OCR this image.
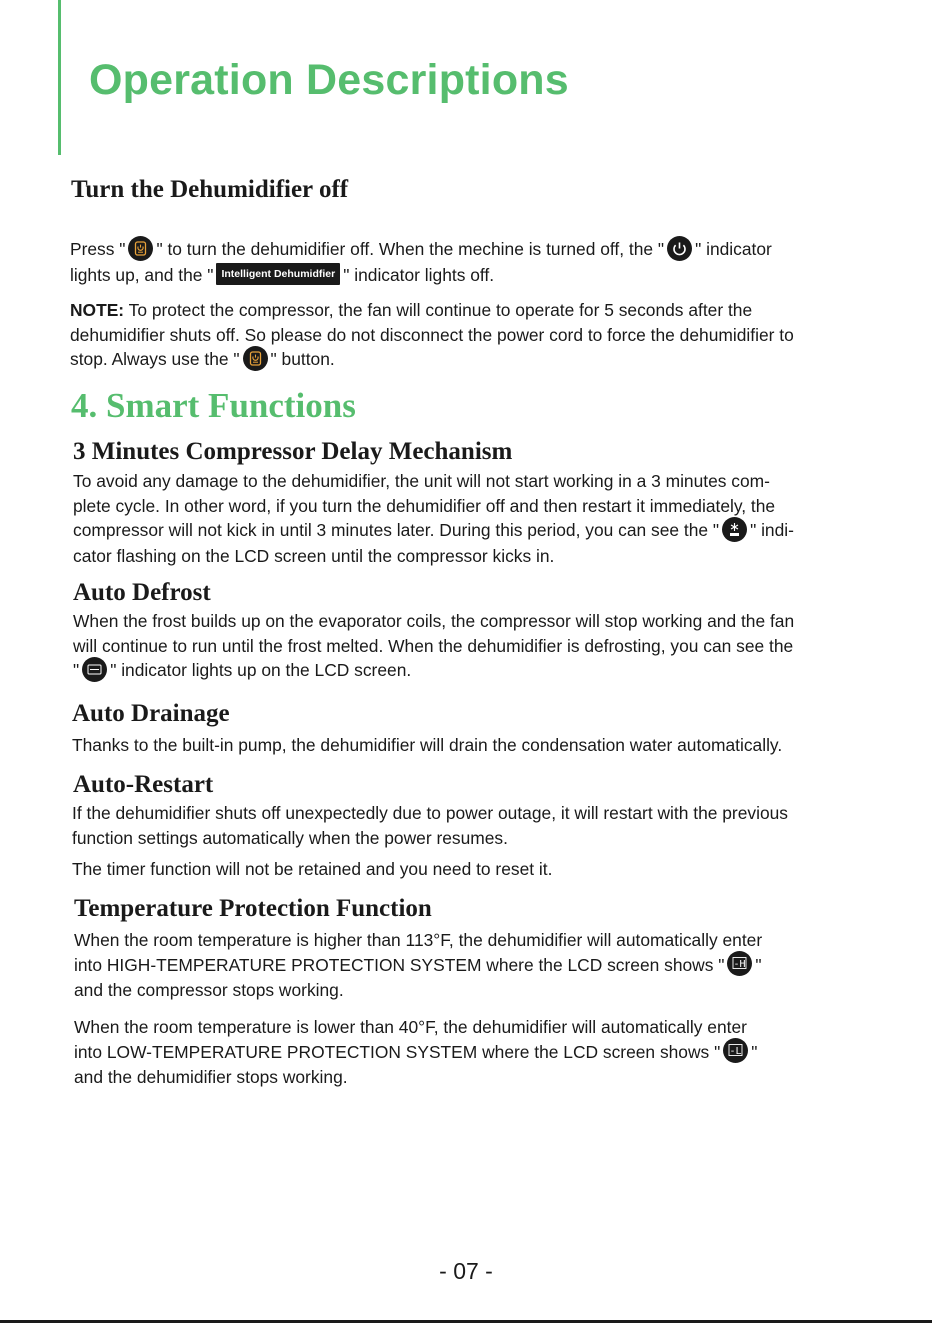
Operation Descriptions
Turn the Dehumidifier off

Press " " to turn the dehumidifier off. When the mechine is turned off, the " " indicator
lights up, and the " Intelligent Dehumidfier " indicator lights off.

NOTE: To protect the compressor, the fan will continue to operate for 5 seconds after the
dehumidifier shuts off. So please do not disconnect the power cord to force the dehumidifier to
stop. Always use the " " button.

4. Smart Functions
3 Minutes Compressor Delay Mechanism

To avoid any damage to the dehumidifier, the unit will not start working in a 3 minutes com-
plete cycle. In other word, if you turn the dehumidifier off and then restart it immediately, the
compressor will not kick in until 3 minutes later. During this period, you can see the " " indi-
cator flashing on the LCD screen until the compressor kicks in.

Auto Defrost

When the frost builds up on the evaporator coils, the compressor will stop working and the fan
will continue to run until the frost melted. When the dehumidifier is defrosting, you can see the
" " indicator lights up on the LCD screen.

Auto Drainage

Thanks to the built-in pump, the dehumidifier will drain the condensation water automatically.

Auto-Restart

If the dehumidifier shuts off unexpectedly due to power outage, it will restart with the previous
function settings automatically when the power resumes.

The timer function will not be retained and you need to reset it.

Temperature Protection Function

When the room temperature is higher than 113°F, the dehumidifier will automatically enter
into HIGH-TEMPERATURE PROTECTION SYSTEM where the LCD screen shows " -H "
and the compressor stops working.

When the room temperature is lower than 40°F, the dehumidifier will automatically enter
into LOW-TEMPERATURE PROTECTION SYSTEM where the LCD screen shows " -L "
and the dehumidifier stops working.

- 07 -
